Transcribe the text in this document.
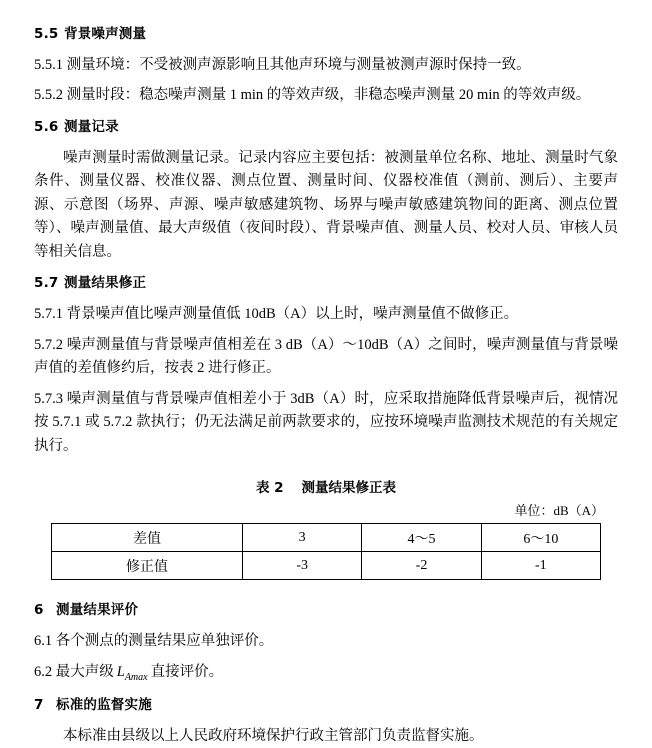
5.5 背景噪声测量

5.5.1 测量环境：不受被测声源影响且其他声环境与测量被测声源时保持一致。

5.5.2 测量时段：稳态噪声测量 1 min 的等效声级，非稳态噪声测量 20 min 的等效声级。

5.6 测量记录

噪声测量时需做测量记录。记录内容应主要包括：被测量单位名称、地址、测量时气象条件、测量仪器、校准仪器、测点位置、测量时间、仪器校准值（测前、测后）、主要声源、示意图（场界、声源、噪声敏感建筑物、场界与噪声敏感建筑物间的距离、测点位置等）、噪声测量值、最大声级值（夜间时段）、背景噪声值、测量人员、校对人员、审核人员等相关信息。

5.7 测量结果修正

5.7.1 背景噪声值比噪声测量值低 10dB（A）以上时，噪声测量值不做修正。

5.7.2 噪声测量值与背景噪声值相差在 3 dB（A）～10dB（A）之间时，噪声测量值与背景噪声值的差值修约后，按表 2 进行修正。

5.7.3 噪声测量值与背景噪声值相差小于 3dB（A）时，应采取措施降低背景噪声后，视情况按 5.7.1 或 5.7.2 款执行；仍无法满足前两款要求的，应按环境噪声监测技术规范的有关规定执行。

表 2 测量结果修正表
单位：dB（A）
差值	3	4～5	6～10
修正值	-3	-2	-1
6 测量结果评价

6.1 各个测点的测量结果应单独评价。

6.2 最大声级 $L_{Amax}$ 直接评价。

7 标准的监督实施

本标准由县级以上人民政府环境保护行政主管部门负责监督实施。
